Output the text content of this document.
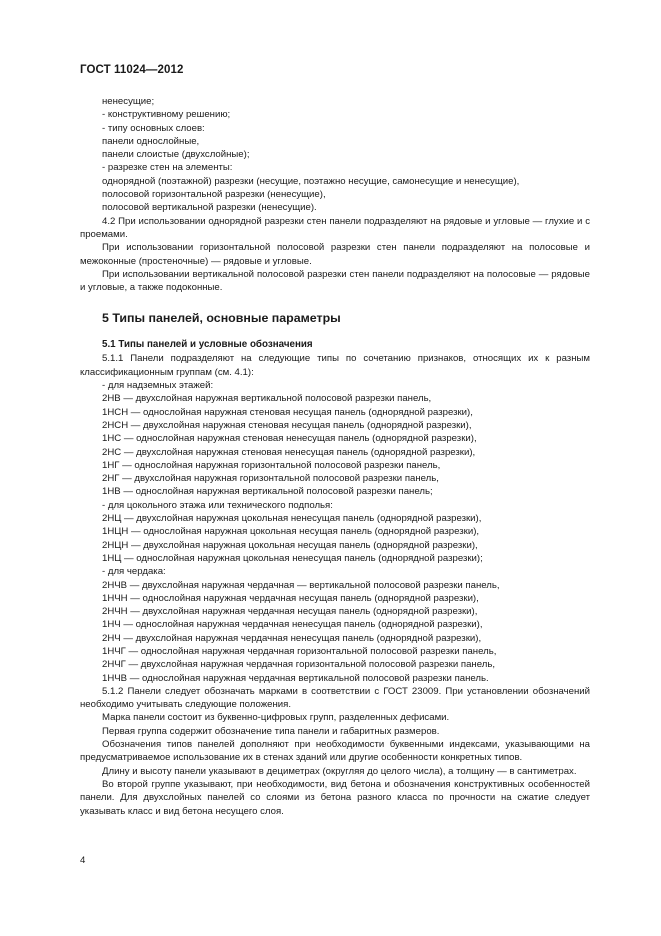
ГОСТ 11024—2012

ненесущие;

- конструктивному решению;

- типу основных слоев:

панели однослойные,

панели слоистые (двухслойные);

- разрезке стен на элементы:

однорядной (поэтажной) разрезки (несущие, поэтажно несущие, самонесущие и ненесущие),

полосовой горизонтальной разрезки (ненесущие),

полосовой вертикальной разрезки (ненесущие).

4.2 При использовании однорядной разрезки стен панели подразделяют на рядовые и угловые — глухие и с проемами.

При использовании горизонтальной полосовой разрезки стен панели подразделяют на полосовые и межоконные (простеночные) — рядовые и угловые.

При использовании вертикальной полосовой разрезки стен панели подразделяют на полосовые — рядовые и угловые, а также подоконные.

5 Типы панелей, основные параметры
5.1 Типы панелей и условные обозначения

5.1.1 Панели подразделяют на следующие типы по сочетанию признаков, относящих их к разным классификационным группам (см. 4.1):

- для надземных этажей:

2НВ — двухслойная наружная вертикальной полосовой разрезки панель,

1НСН — однослойная наружная стеновая несущая панель (однорядной разрезки),

2НСН — двухслойная наружная стеновая несущая панель (однорядной разрезки),

1НС — однослойная наружная стеновая ненесущая панель (однорядной разрезки),

2НС — двухслойная наружная стеновая ненесущая панель (однорядной разрезки),

1НГ — однослойная наружная горизонтальной полосовой разрезки панель,

2НГ — двухслойная наружная горизонтальной полосовой разрезки панель,

1НВ — однослойная наружная вертикальной полосовой разрезки панель;

- для цокольного этажа или технического подполья:

2НЦ — двухслойная наружная цокольная ненесущая панель (однорядной разрезки),

1НЦН — однослойная наружная цокольная несущая панель (однорядной разрезки),

2НЦН — двухслойная наружная цокольная несущая панель (однорядной разрезки),

1НЦ — однослойная наружная цокольная ненесущая панель (однорядной разрезки);

- для чердака:

2НЧВ — двухслойная наружная чердачная — вертикальной полосовой разрезки панель,

1НЧН — однослойная наружная чердачная несущая панель (однорядной разрезки),

2НЧН — двухслойная наружная чердачная несущая панель (однорядной разрезки),

1НЧ — однослойная наружная чердачная ненесущая панель (однорядной разрезки),

2НЧ — двухслойная наружная чердачная ненесущая панель (однорядной разрезки),

1НЧГ — однослойная наружная чердачная горизонтальной полосовой разрезки панель,

2НЧГ — двухслойная наружная чердачная горизонтальной полосовой разрезки панель,

1НЧВ — однослойная наружная чердачная вертикальной полосовой разрезки панель.

5.1.2 Панели следует обозначать марками в соответствии с ГОСТ 23009. При установлении обозначений необходимо учитывать следующие положения.

Марка панели состоит из буквенно-цифровых групп, разделенных дефисами.

Первая группа содержит обозначение типа панели и габаритных размеров.

Обозначения типов панелей дополняют при необходимости буквенными индексами, указывающими на предусматриваемое использование их в стенах зданий или другие особенности конкретных типов.

Длину и высоту панели указывают в дециметрах (округляя до целого числа), а толщину — в сантиметрах.

Во второй группе указывают, при необходимости, вид бетона и обозначения конструктивных особенностей панели. Для двухслойных панелей со слоями из бетона разного класса по прочности на сжатие следует указывать класс и вид бетона несущего слоя.

4
